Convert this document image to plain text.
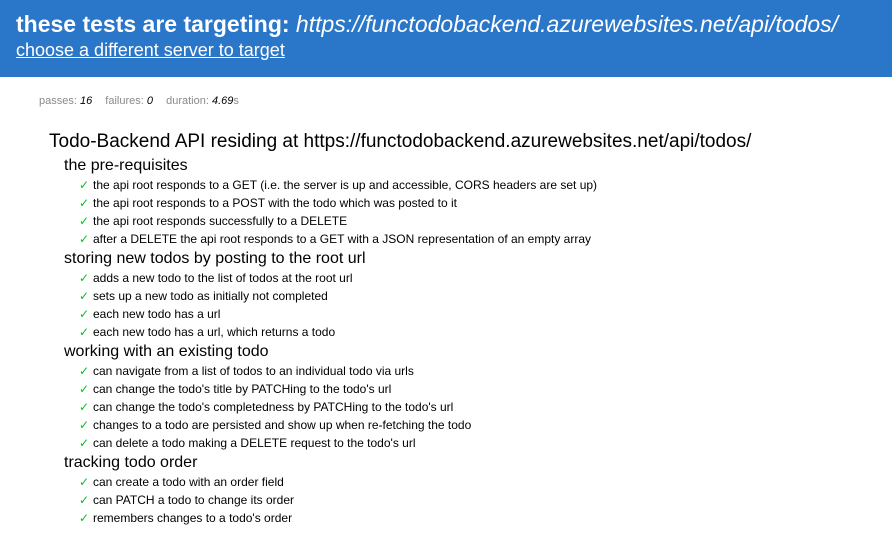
these tests are targeting: https://functodobackend.azurewebsites.net/api/todos/
choose a different server to target
passes: 16 failures: 0 duration: 4.69s
Todo-Backend API residing at https://functodobackend.azurewebsites.net/api/todos/
the pre-requisites
✓ the api root responds to a GET (i.e. the server is up and accessible, CORS headers are set up)
✓ the api root responds to a POST with the todo which was posted to it
✓ the api root responds successfully to a DELETE
✓ after a DELETE the api root responds to a GET with a JSON representation of an empty array
storing new todos by posting to the root url
✓ adds a new todo to the list of todos at the root url
✓ sets up a new todo as initially not completed
✓ each new todo has a url
✓ each new todo has a url, which returns a todo
working with an existing todo
✓ can navigate from a list of todos to an individual todo via urls
✓ can change the todo's title by PATCHing to the todo's url
✓ can change the todo's completedness by PATCHing to the todo's url
✓ changes to a todo are persisted and show up when re-fetching the todo
✓ can delete a todo making a DELETE request to the todo's url
tracking todo order
✓ can create a todo with an order field
✓ can PATCH a todo to change its order
✓ remembers changes to a todo's order
